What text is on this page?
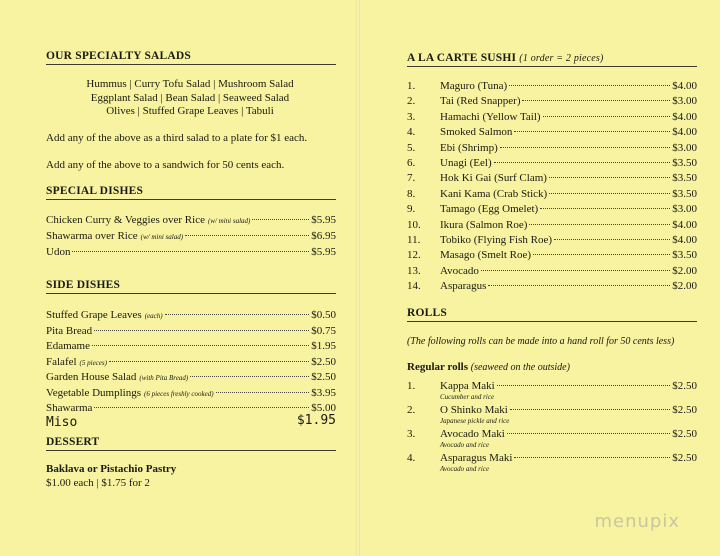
OUR SPECIALTY SALADS
Hummus | Curry Tofu Salad | Mushroom Salad
Eggplant Salad | Bean Salad | Seaweed Salad
Olives | Stuffed Grape Leaves | Tabuli
Add any of the above as a third salad to a plate for $1 each.
Add any of the above to a sandwich for 50 cents each.
SPECIAL DISHES
Chicken Curry & Veggies over Rice (w/ mini salad)	$5.95
Shawarma over Rice (w/ mini salad)	$6.95
Udon	$5.95
SIDE DISHES
Stuffed Grape Leaves (each)	$0.50
Pita Bread	$0.75
Edamame	$1.95
Falafel (5 pieces)	$2.50
Garden House Salad (with Pita Bread)	$2.50
Vegetable Dumplings (6 pieces freshly cooked)	$3.95
Shawarma	$5.00
Miso	$1.95
DESSERT
Baklava or Pistachio Pastry
$1.00 each | $1.75 for 2
A LA CARTE SUSHI (1 order = 2 pieces)
1. Maguro (Tuna)	$4.00
2. Tai (Red Snapper)	$3.00
3. Hamachi (Yellow Tail)	$4.00
4. Smoked Salmon	$4.00
5. Ebi (Shrimp)	$3.00
6. Unagi (Eel)	$3.50
7. Hok Ki Gai (Surf Clam)	$3.50
8. Kani Kama (Crab Stick)	$3.50
9. Tamago (Egg Omelet)	$3.00
10. Ikura (Salmon Roe)	$4.00
11. Tobiko (Flying Fish Roe)	$4.00
12. Masago (Smelt Roe)	$3.50
13. Avocado	$2.00
14. Asparagus	$2.00
ROLLS
(The following rolls can be made into a hand roll for 50 cents less)
Regular rolls (seaweed on the outside)
1. Kappa Maki	$2.50
Cucumber and rice
2. O Shinko Maki	$2.50
Japanese pickle and rice
3. Avocado Maki	$2.50
Avocado and rice
4. Asparagus Maki	$2.50
Avocado and rice
menupix
